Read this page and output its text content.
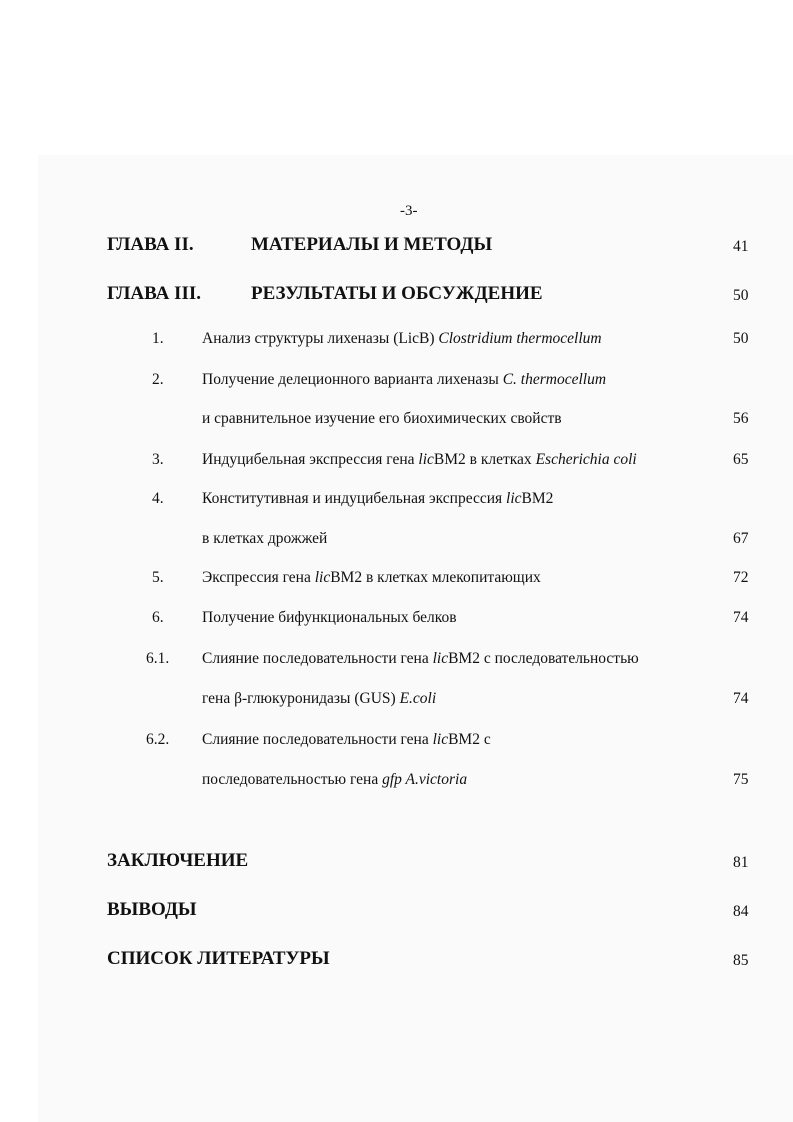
-3-
ГЛАВА II.	МАТЕРИАЛЫ И МЕТОДЫ	41
ГЛАВА III.	РЕЗУЛЬТАТЫ И ОБСУЖДЕНИЕ	50
1. Анализ структуры лихеназы (LicB) Clostridium thermocellum	50
2. Получение делеционного варианта лихеназы C. thermocellum
и сравнительное изучение его биохимических свойств	56
3. Индуцибельная экспрессия гена licBM2 в клетках Escherichia coli	65
4. Конститутивная и индуцибельная экспрессия licBM2
в клетках дрожжей	67
5. Экспрессия гена licBM2 в клетках млекопитающих	72
6. Получение бифункциональных белков	74
6.1. Слияние последовательности гена licBM2 с последовательностью
гена β-глюкуронидазы (GUS) E.coli	74
6.2. Слияние последовательности гена licBM2 с
последовательностью гена gfp A.victoria	75
ЗАКЛЮЧЕНИЕ	81
ВЫВОДЫ	84
СПИСОК ЛИТЕРАТУРЫ	85
